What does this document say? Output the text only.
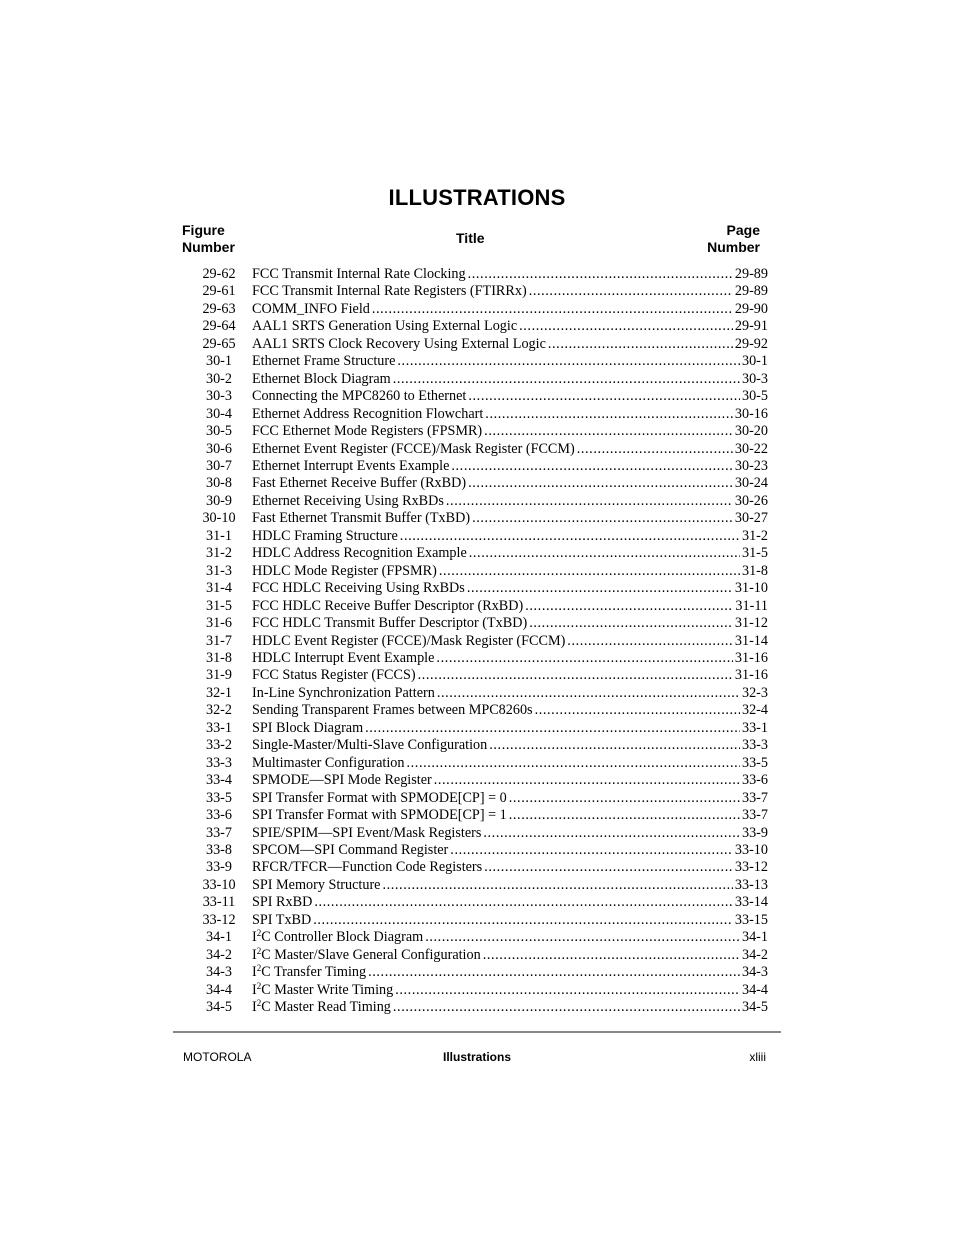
ILLUSTRATIONS
Figure
Number
Title	Page
Number
29-62	FCC Transmit Internal Rate Clocking .....	29-89
29-61	FCC Transmit Internal Rate Registers (FTIRRx) .....	29-89
29-63	COMM_INFO Field .....	29-90
29-64	AAL1 SRTS Generation Using External Logic .....	29-91
29-65	AAL1 SRTS Clock Recovery Using External Logic .....	29-92
30-1	Ethernet Frame Structure .....	30-1
30-2	Ethernet Block Diagram .....	30-3
30-3	Connecting the MPC8260 to Ethernet .....	30-5
30-4	Ethernet Address Recognition Flowchart .....	30-16
30-5	FCC Ethernet Mode Registers (FPSMR) .....	30-20
30-6	Ethernet Event Register (FCCE)/Mask Register (FCCM) .....	30-22
30-7	Ethernet Interrupt Events Example .....	30-23
30-8	Fast Ethernet Receive Buffer (RxBD) .....	30-24
30-9	Ethernet Receiving Using RxBDs .....	30-26
30-10	Fast Ethernet Transmit Buffer (TxBD) .....	30-27
31-1	HDLC Framing Structure .....	31-2
31-2	HDLC Address Recognition Example .....	31-5
31-3	HDLC Mode Register (FPSMR) .....	31-8
31-4	FCC HDLC Receiving Using RxBDs .....	31-10
31-5	FCC HDLC Receive Buffer Descriptor (RxBD) .....	31-11
31-6	FCC HDLC Transmit Buffer Descriptor (TxBD) .....	31-12
31-7	HDLC Event Register (FCCE)/Mask Register (FCCM) .....	31-14
31-8	HDLC Interrupt Event Example .....	31-16
31-9	FCC Status Register (FCCS) .....	31-16
32-1	In-Line Synchronization Pattern .....	32-3
32-2	Sending Transparent Frames between MPC8260s .....	32-4
33-1	SPI Block Diagram .....	33-1
33-2	Single-Master/Multi-Slave Configuration .....	33-3
33-3	Multimaster Configuration .....	33-5
33-4	SPMODE—SPI Mode Register .....	33-6
33-5	SPI Transfer Format with SPMODE[CP] = 0 .....	33-7
33-6	SPI Transfer Format with SPMODE[CP] = 1 .....	33-7
33-7	SPIE/SPIM—SPI Event/Mask Registers .....	33-9
33-8	SPCOM—SPI Command Register .....	33-10
33-9	RFCR/TFCR—Function Code Registers .....	33-12
33-10	SPI Memory Structure .....	33-13
33-11	SPI RxBD .....	33-14
33-12	SPI TxBD .....	33-15
34-1	$I^2C$ Controller Block Diagram .....	34-1
34-2	$I^2C$ Master/Slave General Configuration .....	34-2
34-3	$I^2C$ Transfer Timing .....	34-3
34-4	$I^2C$ Master Write Timing .....	34-4
34-5	$I^2C$ Master Read Timing .....	34-5
MOTOROLA	Illustrations	xliii
